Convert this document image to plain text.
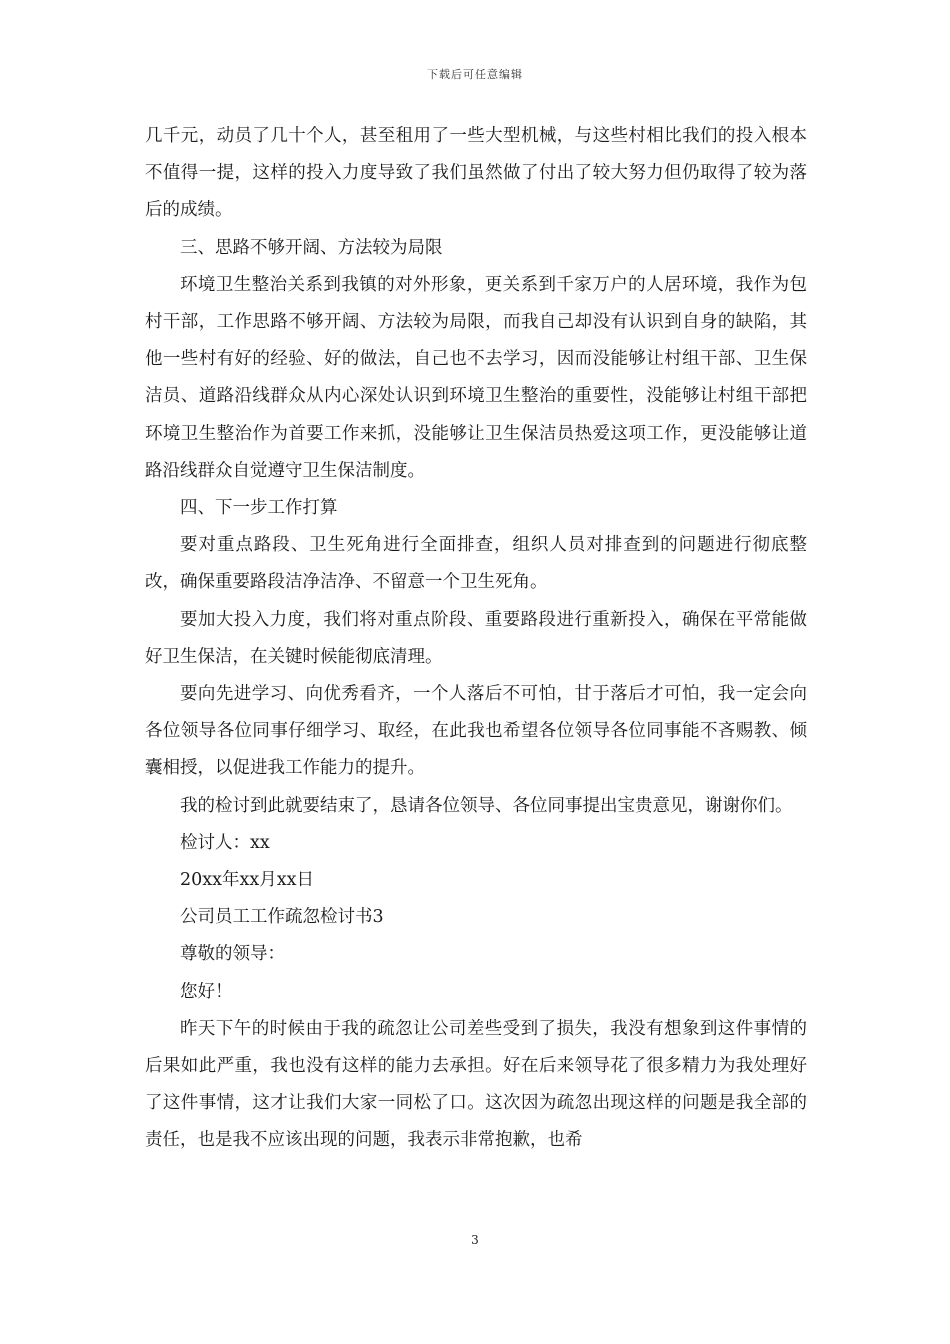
下载后可任意编辑

几千元，动员了几十个人，甚至租用了一些大型机械，与这些村相比我们的投入根本不值得一提，这样的投入力度导致了我们虽然做了付出了较大努力但仍取得了较为落后的成绩。

三、思路不够开阔、方法较为局限

环境卫生整治关系到我镇的对外形象，更关系到千家万户的人居环境，我作为包村干部，工作思路不够开阔、方法较为局限，而我自己却没有认识到自身的缺陷，其他一些村有好的经验、好的做法，自己也不去学习，因而没能够让村组干部、卫生保洁员、道路沿线群众从内心深处认识到环境卫生整治的重要性，没能够让村组干部把环境卫生整治作为首要工作来抓，没能够让卫生保洁员热爱这项工作，更没能够让道路沿线群众自觉遵守卫生保洁制度。

四、下一步工作打算

要对重点路段、卫生死角进行全面排查，组织人员对排查到的问题进行彻底整改，确保重要路段洁净洁净、不留意一个卫生死角。

要加大投入力度，我们将对重点阶段、重要路段进行重新投入，确保在平常能做好卫生保洁，在关键时候能彻底清理。

要向先进学习、向优秀看齐，一个人落后不可怕，甘于落后才可怕，我一定会向各位领导各位同事仔细学习、取经，在此我也希望各位领导各位同事能不吝赐教、倾囊相授，以促进我工作能力的提升。

我的检讨到此就要结束了，恳请各位领导、各位同事提出宝贵意见，谢谢你们。

检讨人：xx

20xx年xx月xx日

公司员工工作疏忽检讨书3

尊敬的领导：

您好！

昨天下午的时候由于我的疏忽让公司差些受到了损失，我没有想象到这件事情的后果如此严重，我也没有这样的能力去承担。好在后来领导花了很多精力为我处理好了这件事情，这才让我们大家一同松了口。这次因为疏忽出现这样的问题是我全部的责任，也是我不应该出现的问题，我表示非常抱歉，也希

3
